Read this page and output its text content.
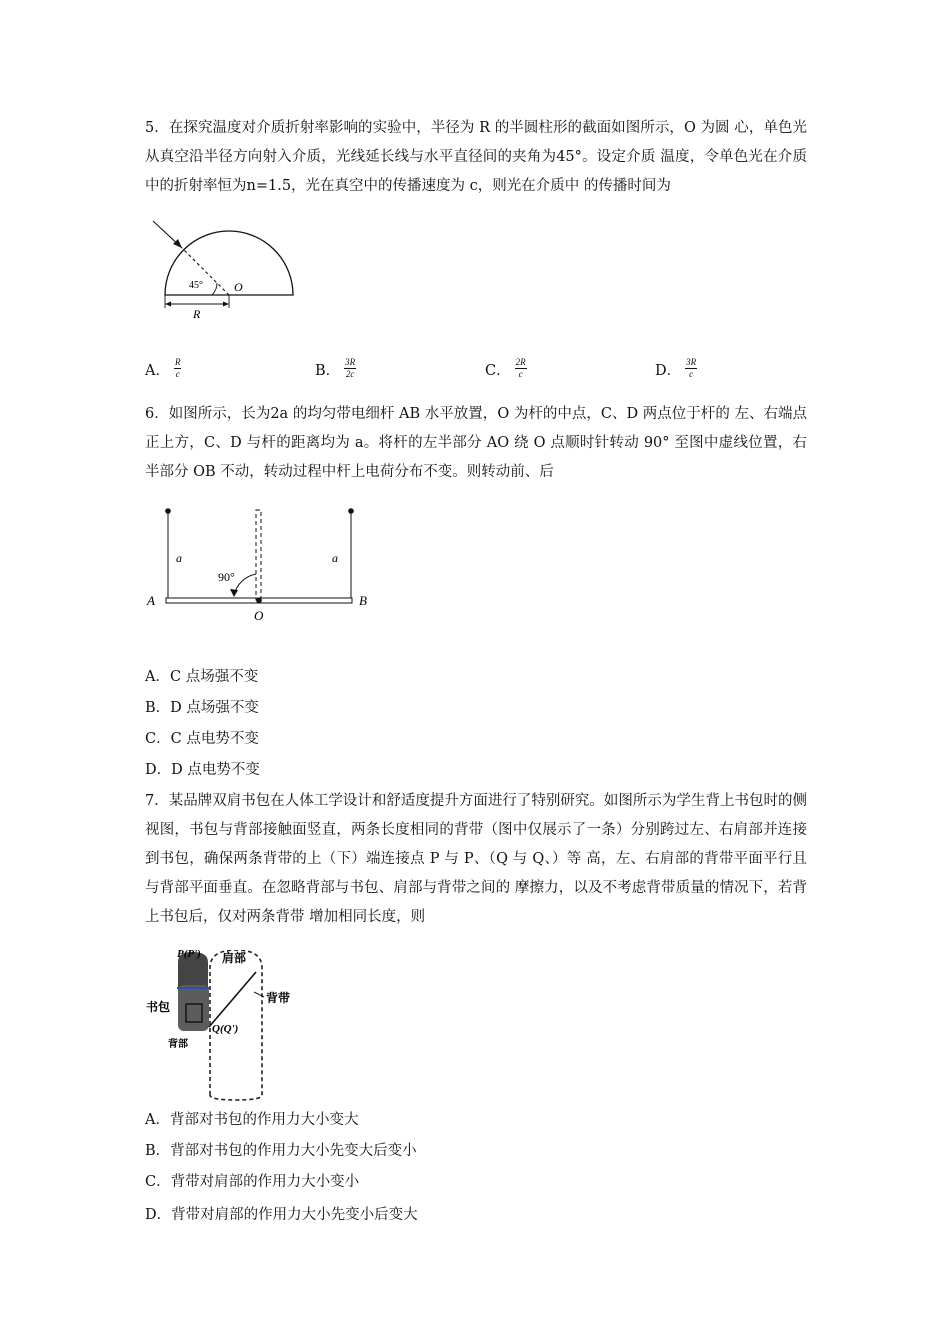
5．在探究温度对介质折射率影响的实验中，半径为 R 的半圆柱形的截面如图所示，O 为圆 心，单色光从真空沿半径方向射入介质，光线延长线与水平直径间的夹角为45°。设定介质 温度，令单色光在介质中的折射率恒为n=1.5，光在真空中的传播速度为 c，则光在介质中 的传播时间为

45°	O
R
A． $\frac{R}{c}$	B． $\frac{3R}{2c}$	C． $\frac{2R}{c}$	D． $\frac{3R}{c}$

6．如图所示，长为2a 的均匀带电细杆 AB 水平放置，O 为杆的中点，C、D 两点位于杆的 左、右端点正上方，C、D 与杆的距离均为 a。将杆的左半部分 AO 绕 O 点顺时针转动 90° 至图中虚线位置，右半部分 OB 不动，转动过程中杆上电荷分布不变。则转动前、后

a	a
90°
A	B
O
A．C 点场强不变
B．D 点场强不变
C．C 点电势不变
D．D 点电势不变

7．某品牌双肩书包在人体工学设计和舒适度提升方面进行了特别研究。如图所示为学生背上书包时的侧视图，书包与背部接触面竖直，两条长度相同的背带（图中仅展示了一条）分别跨过左、右肩部并连接到书包，确保两条背带的上（下）端连接点 P 与 P、（Q 与 Q、）等 高，左、右肩部的背带平面平行且与背部平面垂直。在忽略背部与书包、肩部与背带之间的 摩擦力，以及不考虑背带质量的情况下，若背上书包后，仅对两条背带 增加相同长度，则

P(P') 肩部
书包
背带
Q(Q')
背部
A．背部对书包的作用力大小变大
B．背部对书包的作用力大小先变大后变小
C．背带对肩部的作用力大小变小
D．背带对肩部的作用力大小先变小后变大
